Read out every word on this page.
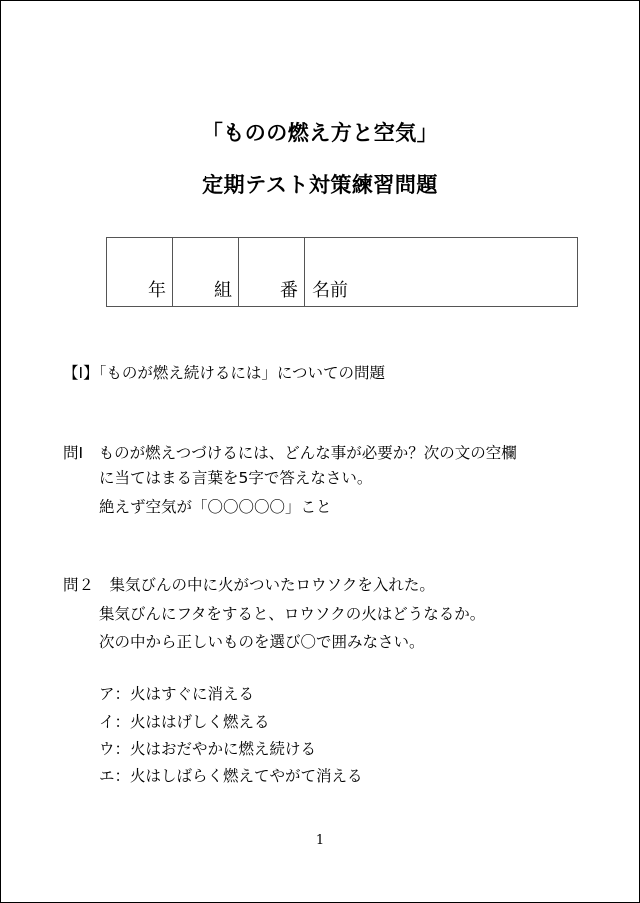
「ものの燃え方と空気」
定期テスト対策練習問題
年	組	番 名前
【Ⅰ】「ものが燃え続けるには」についての問題
問Ⅰ　ものが燃えつづけるには、どんな事が必要か？次の文の空欄
に当てはまる言葉を5字で答えなさい。
絶えず空気が「〇〇〇〇〇」こと
問２　集気びんの中に火がついたロウソクを入れた。
集気びんにフタをすると、ロウソクの火はどうなるか。
次の中から正しいものを選び〇で囲みなさい。
ア：火はすぐに消える
イ：火ははげしく燃える
ウ：火はおだやかに燃え続ける
エ：火はしばらく燃えてやがて消える
1
